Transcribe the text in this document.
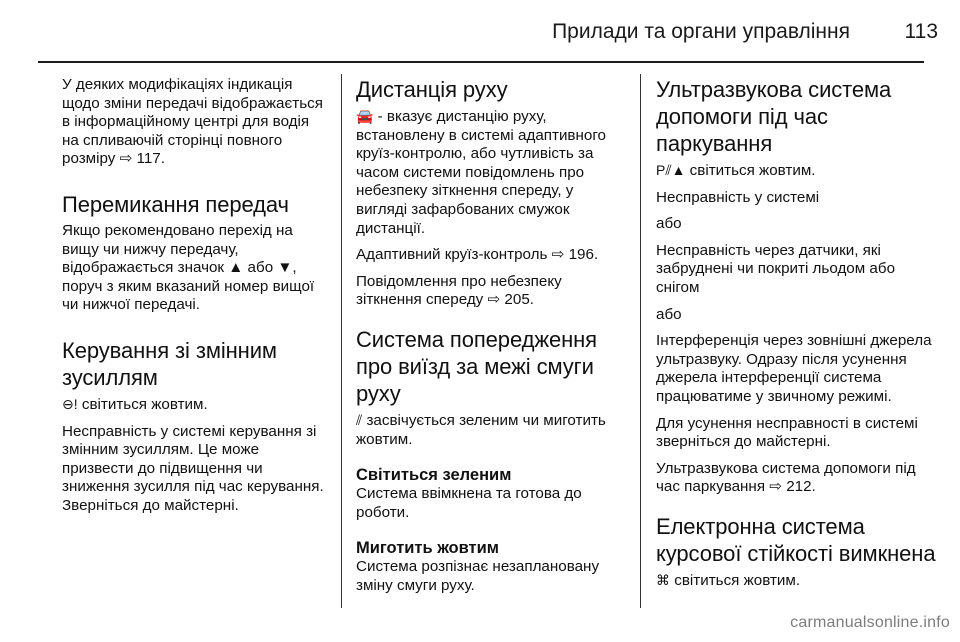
Прилади та органи управління	113

У деяких модифікаціях індикація щодо зміни передачі відображається в інформаційному центрі для водія на спливаючій сторінці повного розміру ⇨ 117.

Перемикання передач

Якщо рекомендовано перехід на вищу чи нижчу передачу, відображається значок ▲ або ▼, поруч з яким вказаний номер вищої чи нижчої передачі.

Керування зі змінним зусиллям

⊖! світиться жовтим.

Несправність у системі керування зі змінним зусиллям. Це може призвести до підвищення чи зниження зусилля під час керування. Зверніться до майстерні.

Дистанція руху

🚘 - вказує дистанцію руху, встановлену в системі адаптивного круїз-контролю, або чутливість за часом системи повідомлень про небезпеку зіткнення спереду, у вигляді зафарбованих смужок дистанції.

Адаптивний круїз-контроль ⇨ 196.

Повідомлення про небезпеку зіткнення спереду ⇨ 205.

Система попередження про виїзд за межі смуги руху

⫽ засвічується зеленим чи миготить жовтим.

Світиться зеленим

Система ввімкнена та готова до роботи.

Миготить жовтим

Система розпізнає незаплановану зміну смуги руху.

Ультразвукова система допомоги під час паркування

P⫽▲ світиться жовтим.

Несправність у системі

або

Несправність через датчики, які забруднені чи покриті льодом або снігом

або

Інтерференція через зовнішні джерела ультразвуку. Одразу після усунення джерела інтерференції система працюватиме у звичному режимі.

Для усунення несправності в системі зверніться до майстерні.

Ультразвукова система допомоги під час паркування ⇨ 212.

Електронна система курсової стійкості вимкнена

⌘ світиться жовтим.

carmanualsonline.info
